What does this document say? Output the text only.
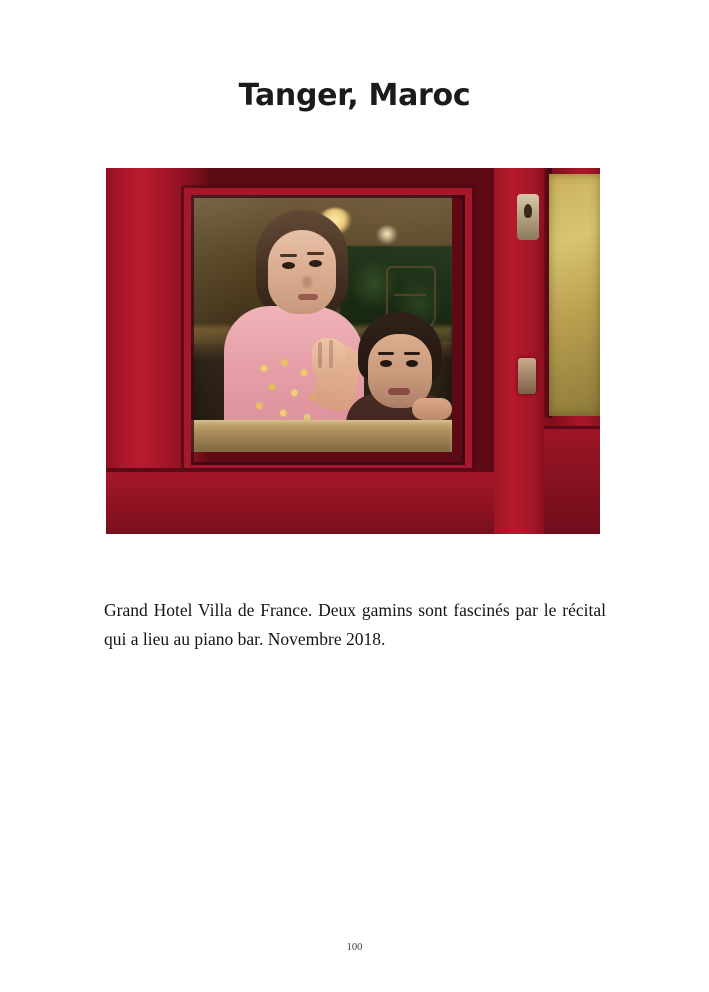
Tanger, Maroc

Grand Hotel Villa de France. Deux gamins sont fascinés par le récital qui a lieu au piano bar. Novembre 2018.

100
